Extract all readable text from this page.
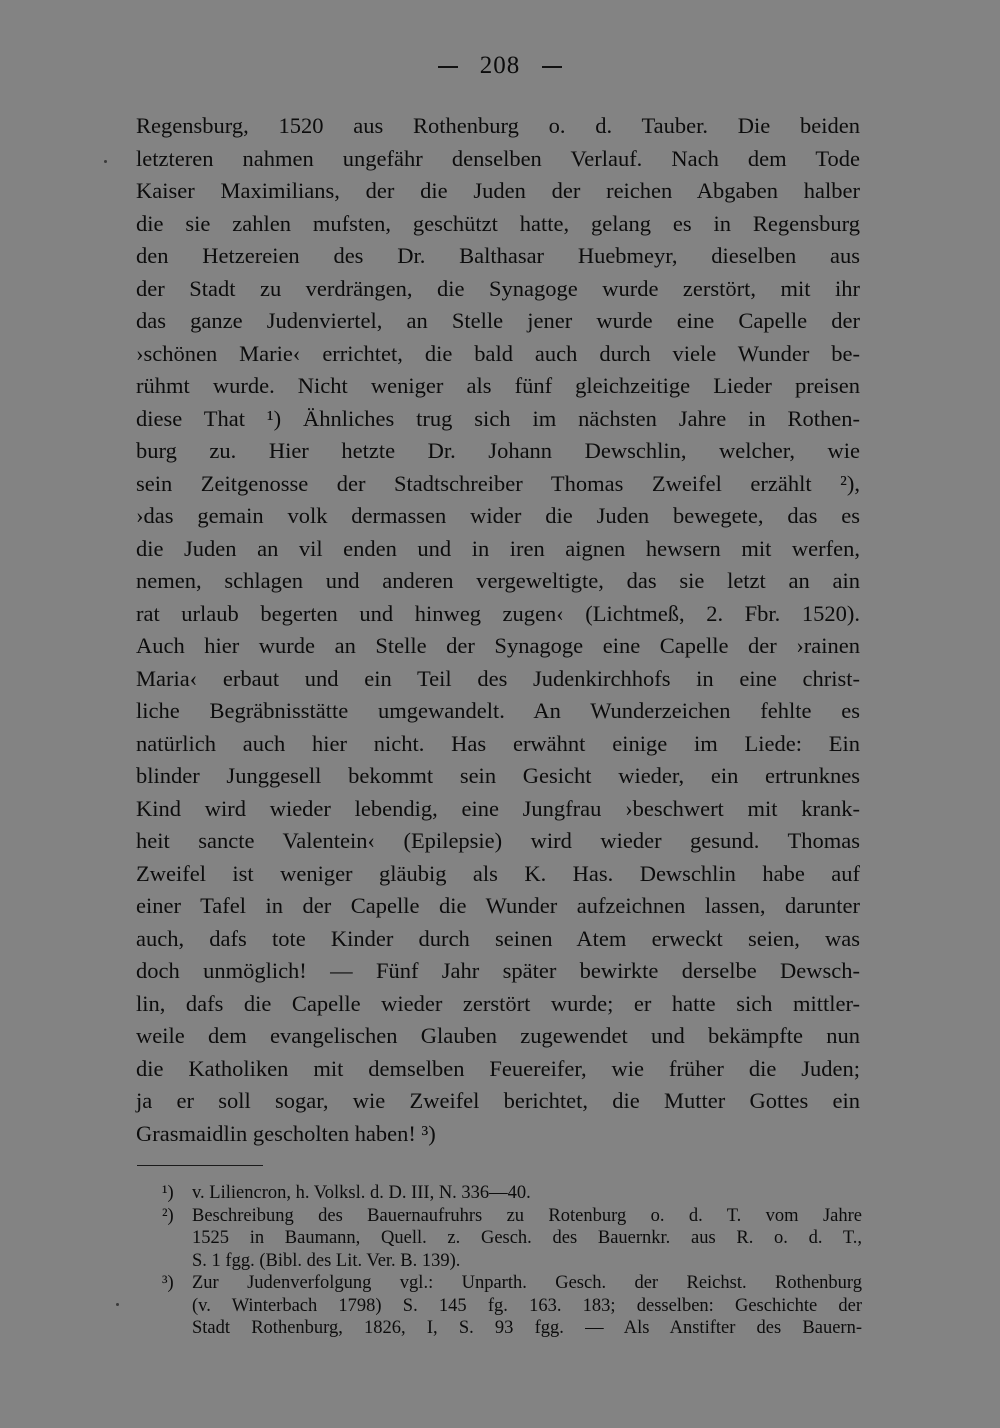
208
Regensburg, 1520 aus Rothenburg o. d. Tauber. Die beiden
letzteren nahmen ungefähr denselben Verlauf. Nach dem Tode
Kaiser Maximilians, der die Juden der reichen Abgaben halber
die sie zahlen mufsten, geschützt hatte, gelang es in Regensburg
den Hetzereien des Dr. Balthasar Huebmeyr, dieselben aus
der Stadt zu verdrängen, die Synagoge wurde zerstört, mit ihr
das ganze Judenviertel, an Stelle jener wurde eine Capelle der
›schönen Marie‹ errichtet, die bald auch durch viele Wunder be-
rühmt wurde. Nicht weniger als fünf gleichzeitige Lieder preisen
diese That ¹) Ähnliches trug sich im nächsten Jahre in Rothen-
burg zu. Hier hetzte Dr. Johann Dewschlin, welcher, wie
sein Zeitgenosse der Stadtschreiber Thomas Zweifel erzählt ²),
›das gemain volk dermassen wider die Juden bewegete, das es
die Juden an vil enden und in iren aignen hewsern mit werfen,
nemen, schlagen und anderen vergeweltigte, das sie letzt an ain
rat urlaub begerten und hinweg zugen‹ (Lichtmeß, 2. Fbr. 1520).
Auch hier wurde an Stelle der Synagoge eine Capelle der ›rainen
Maria‹ erbaut und ein Teil des Judenkirchhofs in eine christ-
liche Begräbnisstätte umgewandelt. An Wunderzeichen fehlte es
natürlich auch hier nicht. Has erwähnt einige im Liede: Ein
blinder Junggesell bekommt sein Gesicht wieder, ein ertrunknes
Kind wird wieder lebendig, eine Jungfrau ›beschwert mit krank-
heit sancte Valentein‹ (Epilepsie) wird wieder gesund. Thomas
Zweifel ist weniger gläubig als K. Has. Dewschlin habe auf
einer Tafel in der Capelle die Wunder aufzeichnen lassen, darunter
auch, dafs tote Kinder durch seinen Atem erweckt seien, was
doch unmöglich! — Fünf Jahr später bewirkte derselbe Dewsch-
lin, dafs die Capelle wieder zerstört wurde; er hatte sich mittler-
weile dem evangelischen Glauben zugewendet und bekämpfte nun
die Katholiken mit demselben Feuereifer, wie früher die Juden;
ja er soll sogar, wie Zweifel berichtet, die Mutter Gottes ein
Grasmaidlin gescholten haben! ³)
¹) v. Liliencron, h. Volksl. d. D. III, N. 336—40.
²) Beschreibung des Bauernaufruhrs zu Rotenburg o. d. T. vom Jahre
1525 in Baumann, Quell. z. Gesch. des Bauernkr. aus R. o. d. T.,
S. 1 fgg. (Bibl. des Lit. Ver. B. 139).
³) Zur Judenverfolgung vgl.: Unparth. Gesch. der Reichst. Rothenburg
(v. Winterbach 1798) S. 145 fg. 163. 183; desselben: Geschichte der
Stadt Rothenburg, 1826, I, S. 93 fgg. — Als Anstifter des Bauern-
